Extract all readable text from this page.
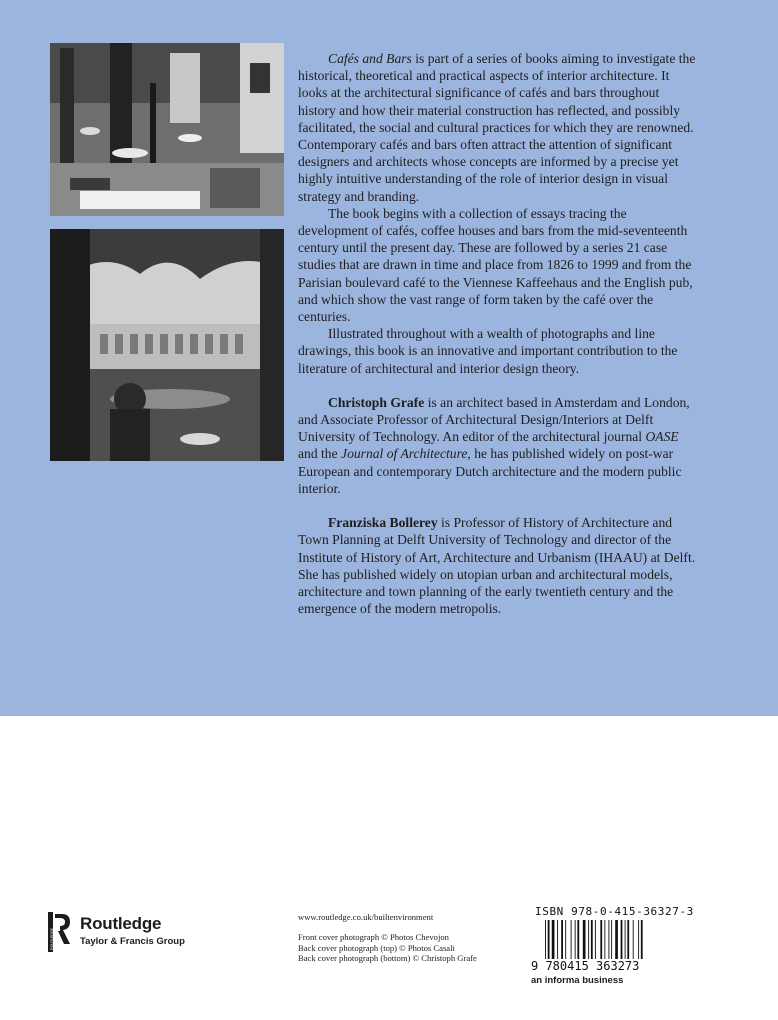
Cafés and Bars is part of a series of books aiming to investigate the historical, theoretical and practical aspects of interior architecture. It looks at the architectural significance of cafés and bars throughout history and how their material construction has reflected, and possibly facilitated, the social and cultural practices for which they are renowned. Contemporary cafés and bars often attract the attention of significant designers and architects whose concepts are informed by a precise yet highly intuitive understanding of the role of interior design in visual strategy and branding.

The book begins with a collection of essays tracing the development of cafés, coffee houses and bars from the mid-seventeenth century until the present day. These are followed by a series 21 case studies that are drawn in time and place from 1826 to 1999 and from the Parisian boulevard café to the Viennese Kaffeehaus and the English pub, and which show the vast range of form taken by the café over the centuries.

Illustrated throughout with a wealth of photographs and line drawings, this book is an innovative and important contribution to the literature of architectural and interior design theory.

Christoph Grafe is an architect based in Amsterdam and London, and Associate Professor of Architectural Design/Interiors at Delft University of Technology. An editor of the architectural journal OASE and the Journal of Architecture, he has published widely on post-war European and contemporary Dutch architecture and the modern public interior.

Franziska Bollerey is Professor of History of Architecture and Town Planning at Delft University of Technology and director of the Institute of History of Art, Architecture and Urbanism (IHAAU) at Delft. She has published widely on utopian urban and architectural models, architecture and town planning of the early twentieth century and the emergence of the modern metropolis.

ROUTLEDGE
Routledge
Taylor & Francis Group
www.routledge.co.uk/builtenvironment
Front cover photograph © Photos Chevojon
Back cover photograph (top) © Photos Casali
Back cover photograph (bottom) © Christoph Grafe
ISBN 978-0-415-36327-3
9 780415 363273
an informa business
